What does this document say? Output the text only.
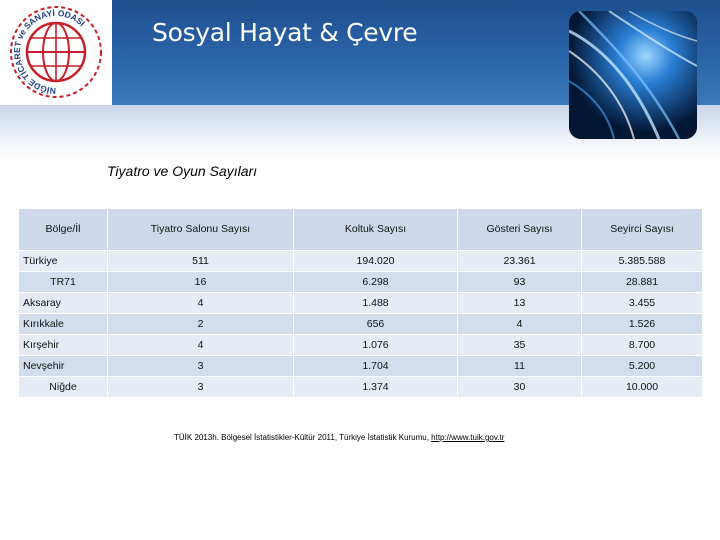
NİĞDE TİCARET ve SANAYİ ODASI	Sosyal Hayat & Çevre
Tiyatro ve Oyun Sayıları
Bölge/İl	Tiyatro Salonu Sayısı	Koltuk Sayısı	Gösteri Sayısı	Seyirci Sayısı
Türkiye	511	194.020	23.361	5.385.588
TR71	16	6.298	93	28.881
Aksaray	4	1.488	13	3.455
Kırıkkale	2	656	4	1.526
Kırşehir	4	1.076	35	8.700
Nevşehir	3	1.704	11	5.200
Niğde	3	1.374	30	10.000
TÜİK 2013h. Bölgesel İstatistikler-Kültür 2011, Türkiye İstatistik Kurumu, http://www.tuik.gov.tr
